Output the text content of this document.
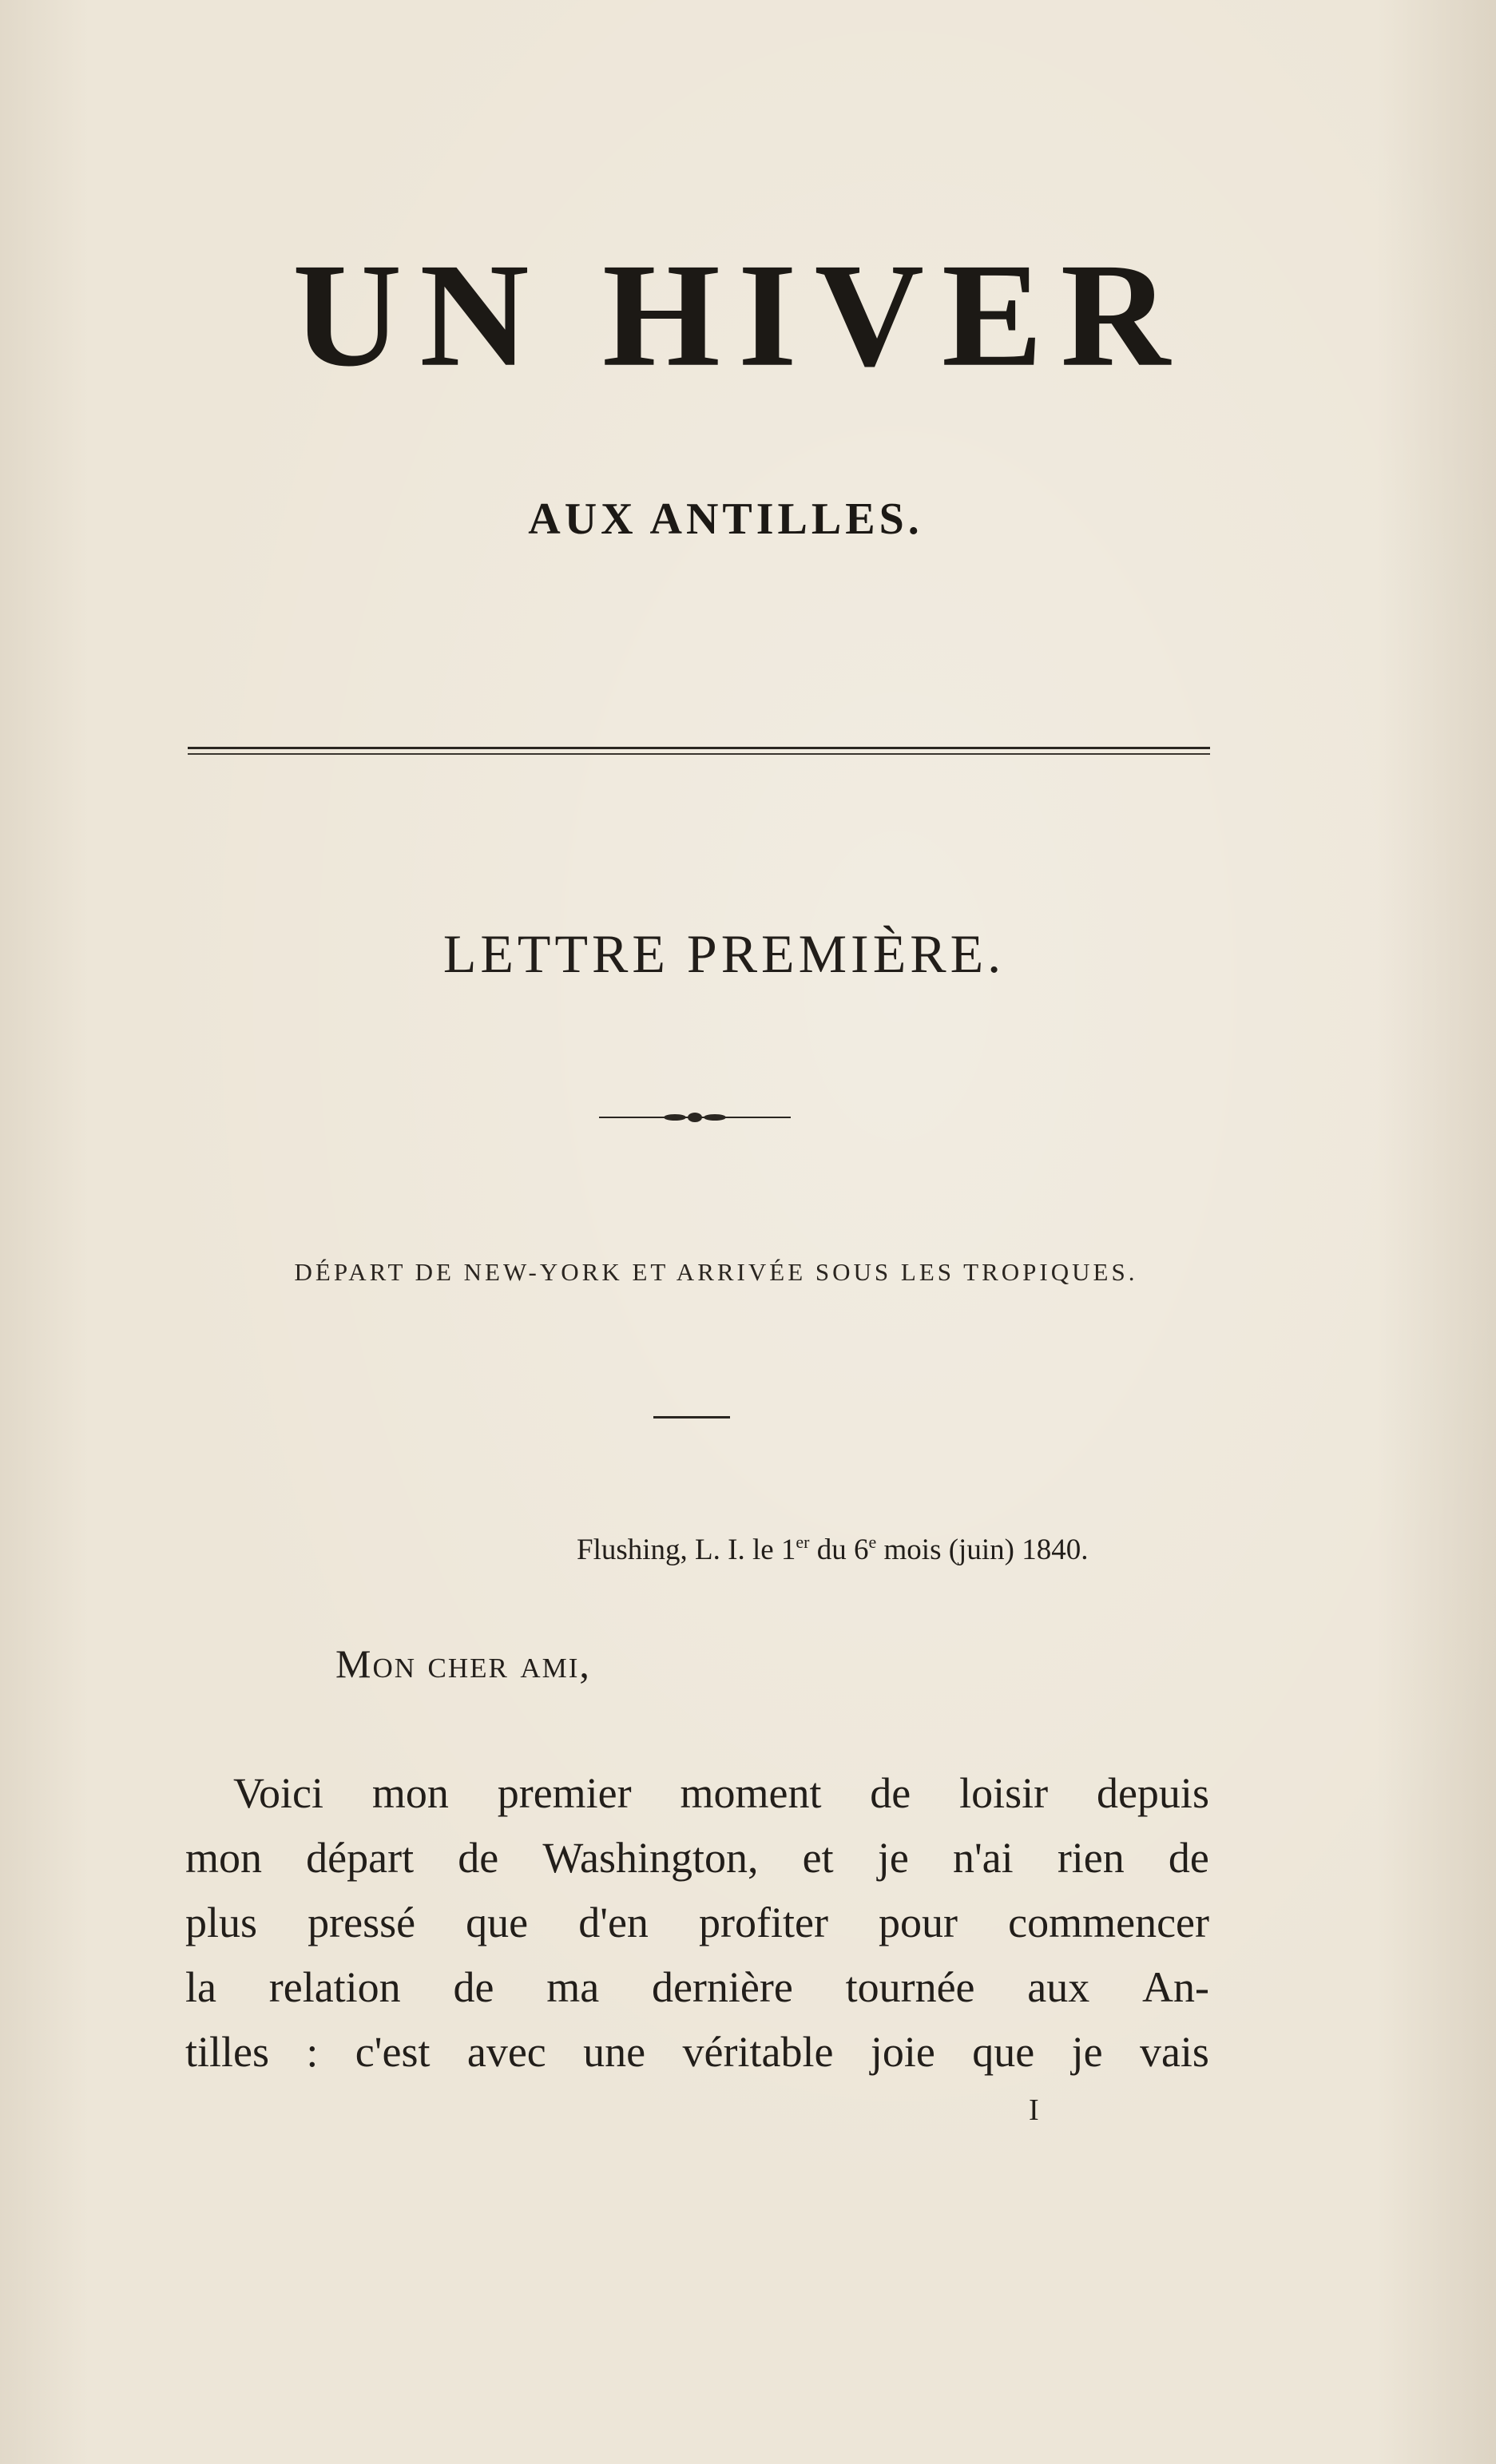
UN HIVER
AUX ANTILLES.
LETTRE PREMIÈRE.
DÉPART DE NEW-YORK ET ARRIVÉE SOUS LES TROPIQUES.
Flushing, L. I. le 1er du 6e mois (juin) 1840.
Mon cher ami,
Voici mon premier moment de loisir depuis
mon départ de Washington, et je n'ai rien de
plus pressé que d'en profiter pour commencer
la relation de ma dernière tournée aux An-
tilles : c'est avec une véritable joie que je vais
I
